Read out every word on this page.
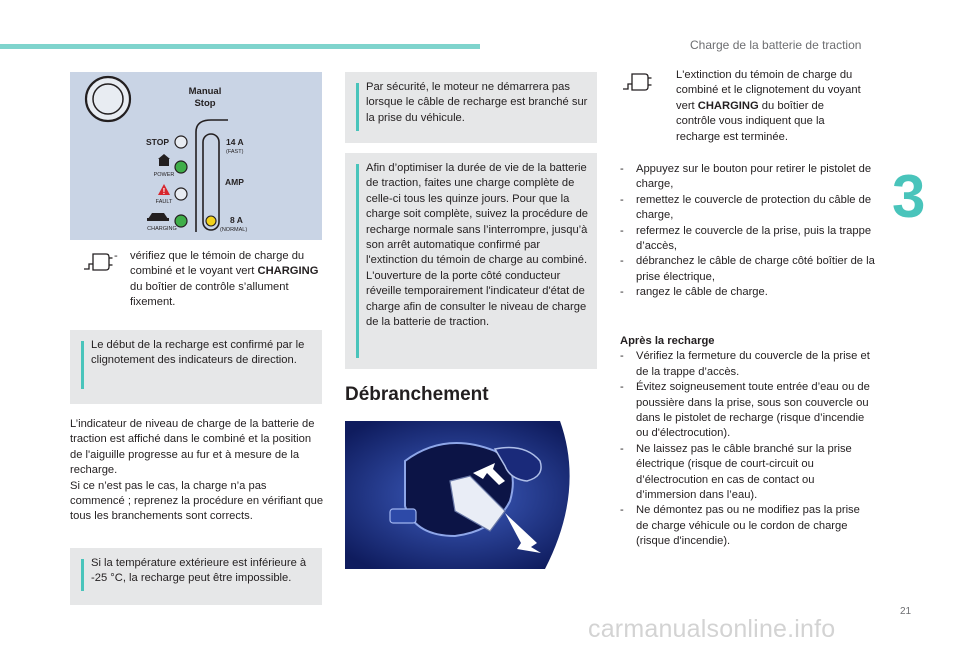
Charge de la batterie de traction
3
21
carmanualsonline.info
Manual
Stop
STOP
POWER
!
FAULT
CHARGING
14 A
(FAST)
AMP
8 A
(NORMAL)
-	vérifiez que le témoin de charge du combiné et le voyant vert CHARGING du boîtier de contrôle s’allument fixement.
Le début de la recharge est confirmé par le clignotement des indicateurs de direction.
L’indicateur de niveau de charge de la batterie de traction est affiché dans le combiné et la position de l'aiguille progresse au fur et à mesure de la recharge.
Si ce n’est pas le cas, la charge n’a pas commencé ; reprenez la procédure en vérifiant que tous les branchements sont corrects.
Si la température extérieure est inférieure à -25 °C, la recharge peut être impossible.
Par sécurité, le moteur ne démarrera pas lorsque le câble de recharge est branché sur la prise du véhicule.
Afin d’optimiser la durée de vie de la batterie de traction, faites une charge complète de celle-ci tous les quinze jours. Pour que la charge soit complète, suivez la procédure de recharge normale sans l’interrompre, jusqu’à son arrêt automatique confirmé par l'extinction du témoin de charge au combiné. L'ouverture de la porte côté conducteur réveille temporairement l'indicateur d'état de charge afin de consulter le niveau de charge de la batterie de traction.
Débranchement
L'extinction du témoin de charge du combiné et le clignotement du voyant vert CHARGING du boîtier de contrôle vous indiquent que la recharge est terminée.
-	Appuyez sur le bouton pour retirer le pistolet de charge,
-	remettez le couvercle de protection du câble de charge,
-	refermez le couvercle de la prise, puis la trappe d’accès,
-	débranchez le câble de charge côté boîtier de la prise électrique,
-	rangez le câble de charge.
Après la recharge
-	Vérifiez la fermeture du couvercle de la prise et de la trappe d’accès.
-	Évitez soigneusement toute entrée d’eau ou de poussière dans la prise, sous son couvercle ou dans le pistolet de recharge (risque d’incendie ou d'électrocution).
-	Ne laissez pas le câble branché sur la prise électrique (risque de court-circuit ou d’électrocution en cas de contact ou d’immersion dans l’eau).
-	Ne démontez pas ou ne modifiez pas la prise de charge véhicule ou le cordon de charge (risque d'incendie).
